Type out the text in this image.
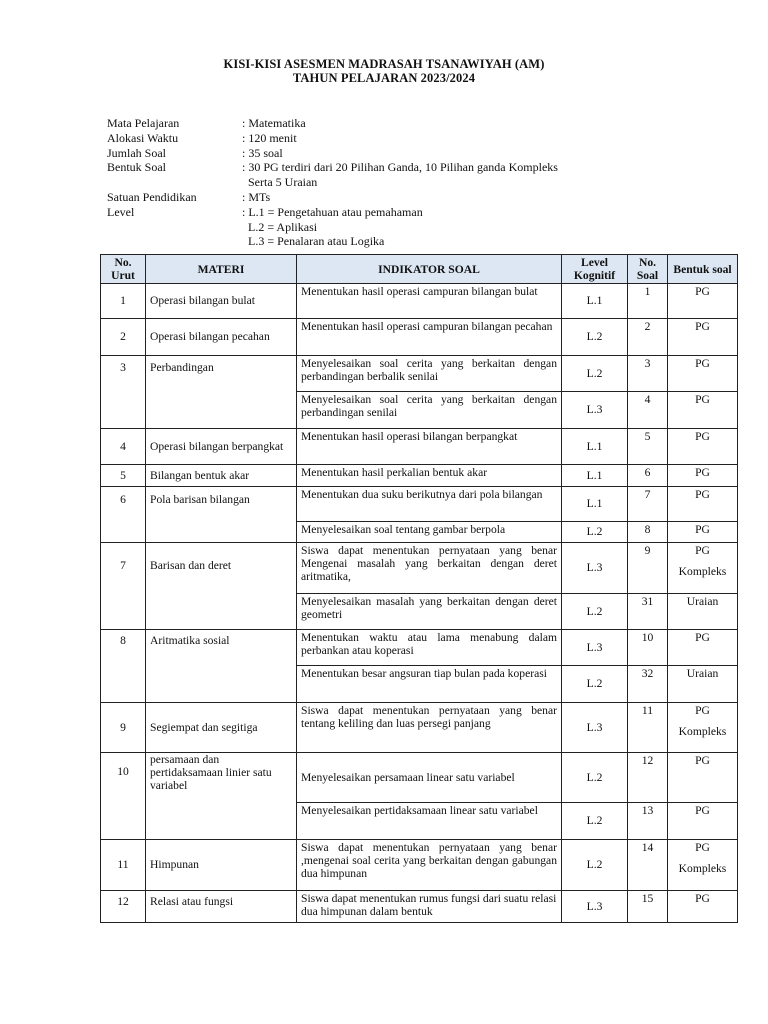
KISI-KISI ASESMEN MADRASAH TSANAWIYAH (AM)
TAHUN PELAJARAN 2023/2024
Mata Pelajaran	: Matematika
Alokasi Waktu	: 120 menit
Jumlah Soal	: 35 soal
Bentuk Soal	: 30 PG terdiri dari 20 Pilihan Ganda, 10 Pilihan ganda Kompleks
Serta 5 Uraian
Satuan Pendidikan	: MTs
Level	: L.1 = Pengetahuan atau pemahaman
L.2 = Aplikasi
L.3 = Penalaran atau Logika
No. Urut	MATERI	INDIKATOR SOAL	Level Kognitif	No. Soal	Bentuk soal
1	Operasi bilangan bulat	Menentukan hasil operasi campuran bilangan bulat	L.1	1	PG
2	Operasi bilangan pecahan	Menentukan hasil operasi campuran bilangan pecahan	L.2	2	PG
3	Perbandingan	Menyelesaikan soal cerita yang berkaitan dengan perbandingan berbalik senilai	L.2	3	PG
		Menyelesaikan soal cerita yang berkaitan dengan perbandingan senilai	L.3	4	PG
4	Operasi bilangan berpangkat	Menentukan hasil operasi bilangan berpangkat	L.1	5	PG
5	Bilangan bentuk akar	Menentukan hasil perkalian bentuk akar	L.1	6	PG
6	Pola barisan bilangan	Menentukan dua suku berikutnya dari pola bilangan	L.1	7	PG
		Menyelesaikan soal tentang gambar berpola	L.2	8	PG
7	Barisan dan deret	Siswa dapat menentukan pernyataan yang benar Mengenai masalah yang berkaitan dengan deret aritmatika,	L.3	9	PG
Kompleks

		Menyelesaikan masalah yang berkaitan dengan deret geometri	L.2	31	Uraian
8	Aritmatika sosial	Menentukan waktu atau lama menabung dalam perbankan atau koperasi	L.3	10	PG
		Menentukan besar angsuran tiap bulan pada koperasi	L.2	32	Uraian
9	Segiempat dan segitiga	Siswa dapat menentukan pernyataan yang benar tentang keliling dan luas persegi panjang	L.3	11	PG
Kompleks

10	persamaan dan pertidaksamaan linier satu variabel	Menyelesaikan persamaan linear satu variabel	L.2	12	PG
		Menyelesaikan pertidaksamaan linear satu variabel	L.2	13	PG
11	Himpunan	Siswa dapat menentukan pernyataan yang benar ,mengenai soal cerita yang berkaitan dengan gabungan dua himpunan	L.2	14	PG
Kompleks

12	Relasi atau fungsi	Siswa dapat menentukan rumus fungsi dari suatu relasi dua himpunan dalam bentuk	L.3	15	PG
